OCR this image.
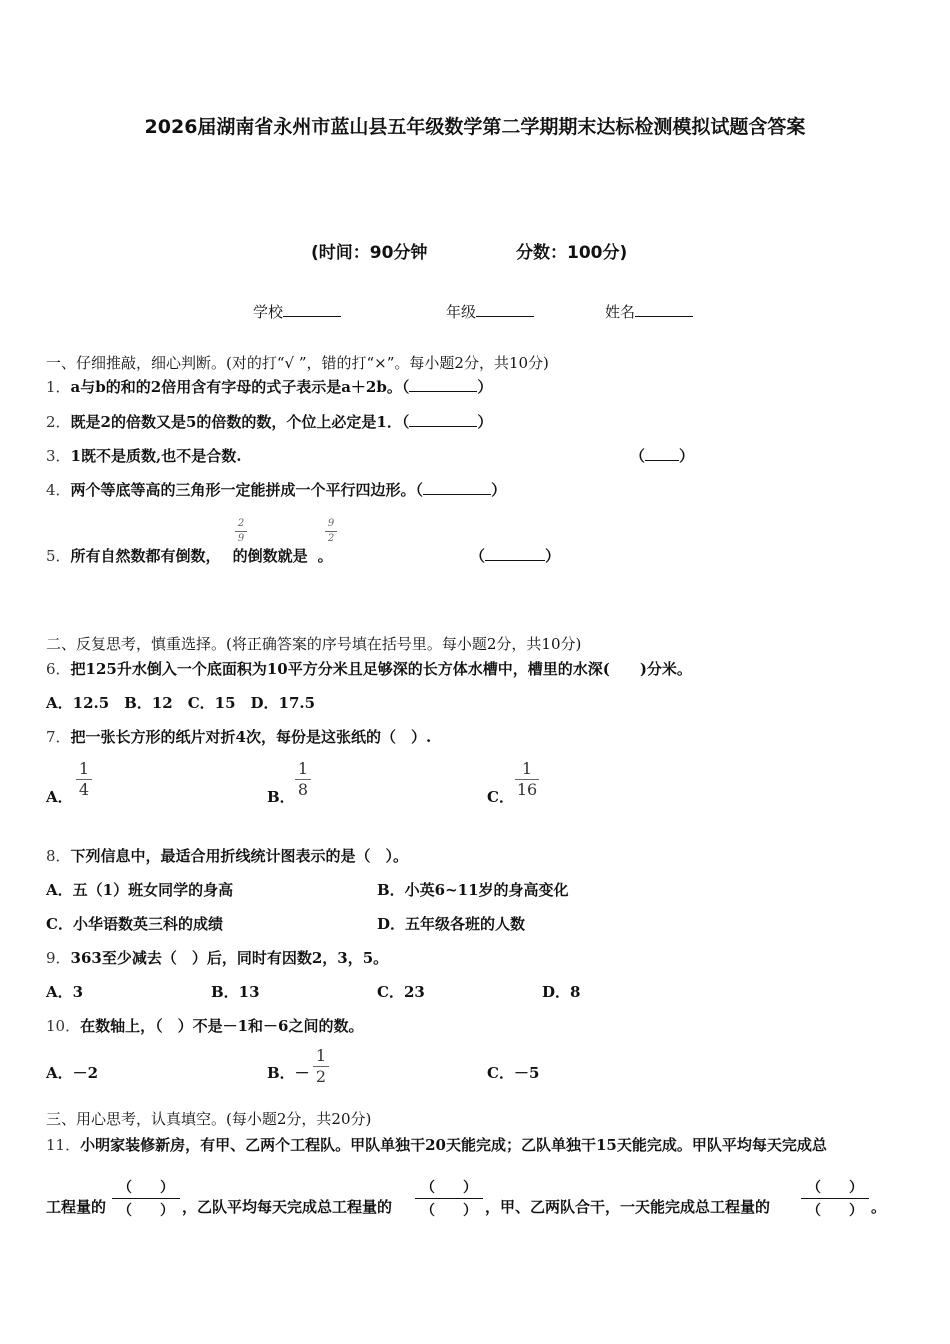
2026届湖南省永州市蓝山县五年级数学第二学期期末达标检测模拟试题含答案
(时间：90分钟	分数：100分)
学校	年级	姓名
一、仔细推敲，细心判断。(对的打“√ ”，错的打“×”。每小题2分，共10分)
1．a与b的和的2倍用含有字母的式子表示是a＋2b。（	）
2．既是2的倍数又是5的倍数的数，个位上必定是1．（	）
3．1既不是质数,也不是合数.	（ ）
4．两个等底等高的三角形一定能拼成一个平行四边形。（	）
5．所有自然数都有倒数， 的倒数就是 。
2
9
9
2
（	）
二、反复思考，慎重选择。(将正确答案的序号填在括号里。每小题2分，共10分)
6．把125升水倒入一个底面积为10平方分米且足够深的长方体水槽中，槽里的水深(　　)分米。
A．12.5　B．12　C．15　D．17.5
7．把一张长方形的纸片对折4次，每份是这张纸的（　）.
A．
1
4	B．
1
8	C．
1
16
8．下列信息中，最适合用折线统计图表示的是（　）。
A．五（1）班女同学的身高	B．小英6~11岁的身高变化
C．小华语数英三科的成绩	D．五年级各班的人数
9．363至少减去（　）后，同时有因数2，3，5。
A．3	B．13	C．23	D．8
10．在数轴上，（　）不是－1和－6之间的数。
A．－2	B．－
1
2	C．－5
三、用心思考，认真填空。(每小题2分，共20分)
11．小明家装修新房，有甲、乙两个工程队。甲队单独干20天能完成；乙队单独干15天能完成。甲队平均每天完成总
工程量的
（　　）
（　　） ，乙队平均每天完成总工程量的
（　　）
（　　） ，甲、乙两队合干，一天能完成总工程量的
（　　）
（　　） 。
